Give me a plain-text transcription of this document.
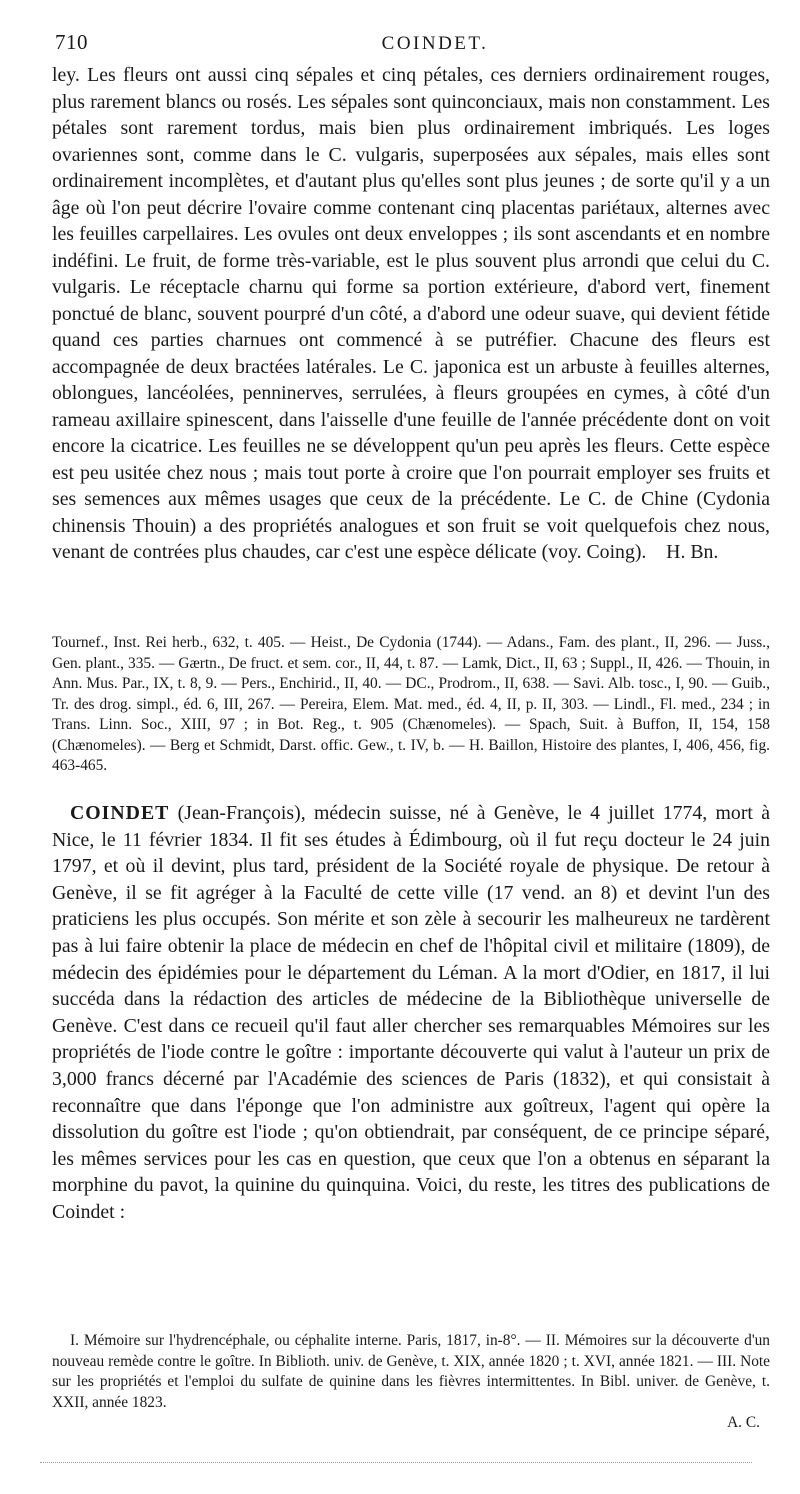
710	COINDET.

ley. Les fleurs ont aussi cinq sépales et cinq pétales, ces derniers ordinairement rouges, plus rarement blancs ou rosés. Les sépales sont quinconciaux, mais non constamment. Les pétales sont rarement tordus, mais bien plus ordinairement imbriqués. Les loges ovariennes sont, comme dans le C. vulgaris, superposées aux sépales, mais elles sont ordinairement incomplètes, et d'autant plus qu'elles sont plus jeunes ; de sorte qu'il y a un âge où l'on peut décrire l'ovaire comme contenant cinq placentas pariétaux, alternes avec les feuilles carpellaires. Les ovules ont deux enveloppes ; ils sont ascendants et en nombre indéfini. Le fruit, de forme très-variable, est le plus souvent plus arrondi que celui du C. vulgaris. Le réceptacle charnu qui forme sa portion extérieure, d'abord vert, finement ponctué de blanc, souvent pourpré d'un côté, a d'abord une odeur suave, qui devient fétide quand ces parties charnues ont commencé à se putréfier. Chacune des fleurs est accompagnée de deux bractées latérales. Le C. japonica est un arbuste à feuilles alternes, oblongues, lancéolées, penninerves, serrulées, à fleurs groupées en cymes, à côté d'un rameau axillaire spinescent, dans l'aisselle d'une feuille de l'année précédente dont on voit encore la cicatrice. Les feuilles ne se développent qu'un peu après les fleurs. Cette espèce est peu usitée chez nous ; mais tout porte à croire que l'on pourrait employer ses fruits et ses semences aux mêmes usages que ceux de la précédente. Le C. de Chine (Cydonia chinensis Thouin) a des propriétés analogues et son fruit se voit quelquefois chez nous, venant de contrées plus chaudes, car c'est une espèce délicate (voy. Coing). H. Bn.

Tournef., Inst. Rei herb., 632, t. 405. — Heist., De Cydonia (1744). — Adans., Fam. des plant., II, 296. — Juss., Gen. plant., 335. — Gærtn., De fruct. et sem. cor., II, 44, t. 87. — Lamk, Dict., II, 63 ; Suppl., II, 426. — Thouin, in Ann. Mus. Par., IX, t. 8, 9. — Pers., Enchirid., II, 40. — DC., Prodrom., II, 638. — Savi. Alb. tosc., I, 90. — Guib., Tr. des drog. simpl., éd. 6, III, 267. — Pereira, Elem. Mat. med., éd. 4, II, p. II, 303. — Lindl., Fl. med., 234 ; in Trans. Linn. Soc., XIII, 97 ; in Bot. Reg., t. 905 (Chænomeles). — Spach, Suit. à Buffon, II, 154, 158 (Chænomeles). — Berg et Schmidt, Darst. offic. Gew., t. IV, b. — H. Baillon, Histoire des plantes, I, 406, 456, fig. 463-465.

COINDET (Jean-François), médecin suisse, né à Genève, le 4 juillet 1774, mort à Nice, le 11 février 1834. Il fit ses études à Édimbourg, où il fut reçu docteur le 24 juin 1797, et où il devint, plus tard, président de la Société royale de physique. De retour à Genève, il se fit agréger à la Faculté de cette ville (17 vend. an 8) et devint l'un des praticiens les plus occupés. Son mérite et son zèle à secourir les malheureux ne tardèrent pas à lui faire obtenir la place de médecin en chef de l'hôpital civil et militaire (1809), de médecin des épidémies pour le département du Léman. A la mort d'Odier, en 1817, il lui succéda dans la rédaction des articles de médecine de la Bibliothèque universelle de Genève. C'est dans ce recueil qu'il faut aller chercher ses remarquables Mémoires sur les propriétés de l'iode contre le goître : importante découverte qui valut à l'auteur un prix de 3,000 francs décerné par l'Académie des sciences de Paris (1832), et qui consistait à reconnaître que dans l'éponge que l'on administre aux goîtreux, l'agent qui opère la dissolution du goître est l'iode ; qu'on obtiendrait, par conséquent, de ce principe séparé, les mêmes services pour les cas en question, que ceux que l'on a obtenus en séparant la morphine du pavot, la quinine du quinquina. Voici, du reste, les titres des publications de Coindet :

I. Mémoire sur l'hydrencéphale, ou céphalite interne. Paris, 1817, in-8°. — II. Mémoires sur la découverte d'un nouveau remède contre le goître. In Biblioth. univ. de Genève, t. XIX, année 1820 ; t. XVI, année 1821. — III. Note sur les propriétés et l'emploi du sulfate de quinine dans les fièvres intermittentes. In Bibl. univer. de Genève, t. XXII, année 1823.

A. C.
